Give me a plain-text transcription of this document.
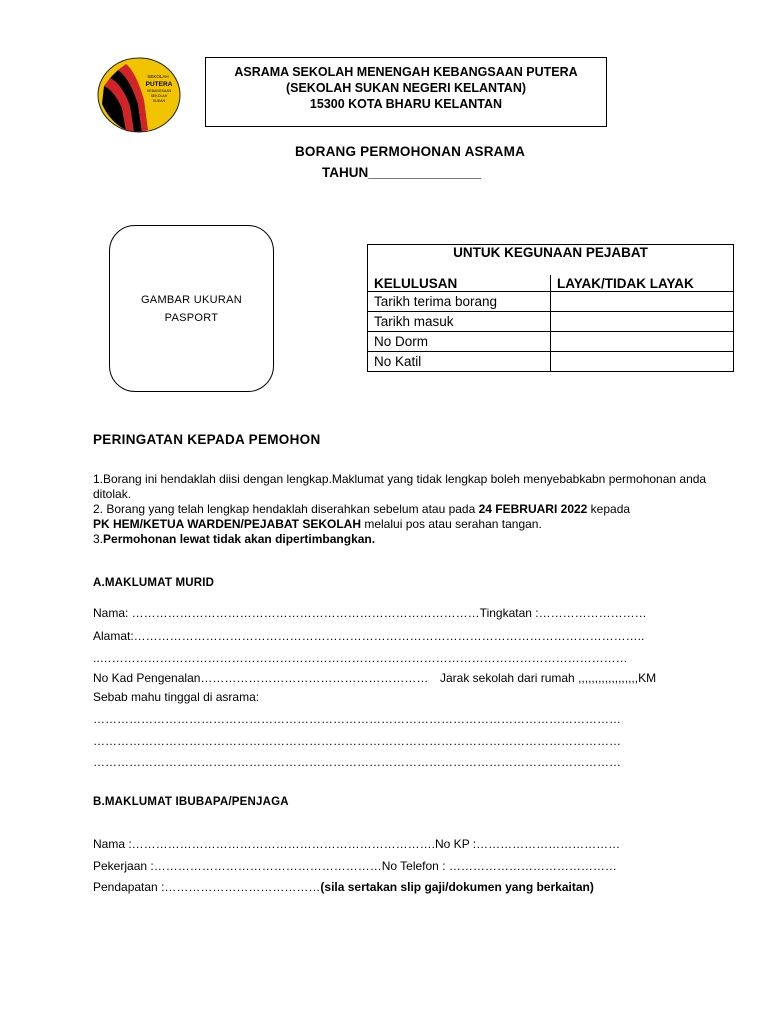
SEKOLAH
PUTERA
KEBANGSAAN
SEKOLAH
SUKAN
ASRAMA SEKOLAH MENENGAH KEBANGSAAN PUTERA
(SEKOLAH SUKAN NEGERI KELANTAN)
15300 KOTA BHARU KELANTAN
BORANG PERMOHONAN ASRAMA
TAHUN_______________
GAMBAR UKURAN
PASPORT
UNTUK KEGUNAAN PEJABAT	
KELULUSAN	LAYAK/TIDAK LAYAK
Tarikh terima borang	
Tarikh masuk	
No Dorm	
No Katil	
PERINGATAN KEPADA PEMOHON
1.Borang ini hendaklah diisi dengan lengkap.Maklumat yang tidak lengkap boleh menyebabkabn permohonan anda ditolak.
2. Borang yang telah lengkap hendaklah diserahkan sebelum atau pada 24 FEBRUARI 2022 kepada
PK HEM/KETUA WARDEN/PEJABAT SEKOLAH melalui pos atau serahan tangan.
3.Permohonan lewat tidak akan dipertimbangkan.
A.MAKLUMAT MURID
Nama: ……………………………………………………………………………Tingkatan :………………………
Alamat:………………………………………………………………………………………………………………..
..……………………………………………………………………………………………………………………
No Kad Pengenalan………………………………………………… Jarak sekolah dari rumah ,,,,,,,,,,,,,,,,,,KM
Sebab mahu tinggal di asrama:
……………………………………………………………………………………………………………………
……………………………………………………………………………………………………………………
……………………………………………………………………………………………………………………
B.MAKLUMAT IBUBAPA/PENJAGA
Nama :………………………………………………………………….No KP :………………………………
Pekerjaan :…………………………………………………No Telefon : ……………………………………
Pendapatan :…………………………………(sila sertakan slip gaji/dokumen yang berkaitan)
